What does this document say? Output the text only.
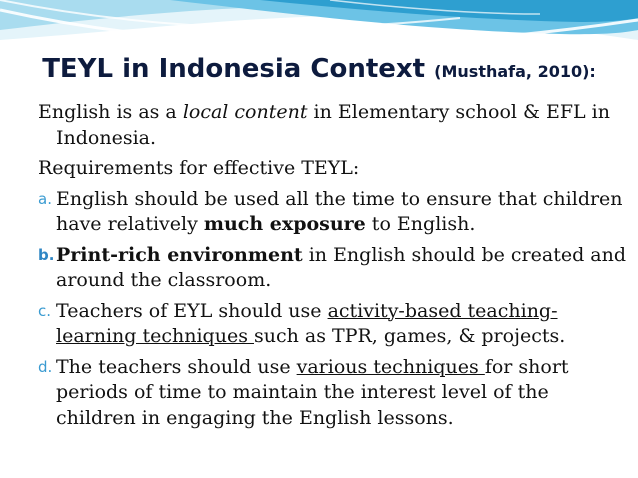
TEYL in Indonesia Context (Musthafa, 2010):

English is as a local content in Elementary school & EFL in Indonesia.

Requirements for effective TEYL:

a. English should be used all the time to ensure that children have relatively much exposure to English.
b. Print-rich environment in English should be created and around the classroom.
c. Teachers of EYL should use activity-based teaching-learning techniques such as TPR, games, & projects.
d. The teachers should use various techniques for short periods of time to maintain the interest level of the children in engaging the English lessons.
